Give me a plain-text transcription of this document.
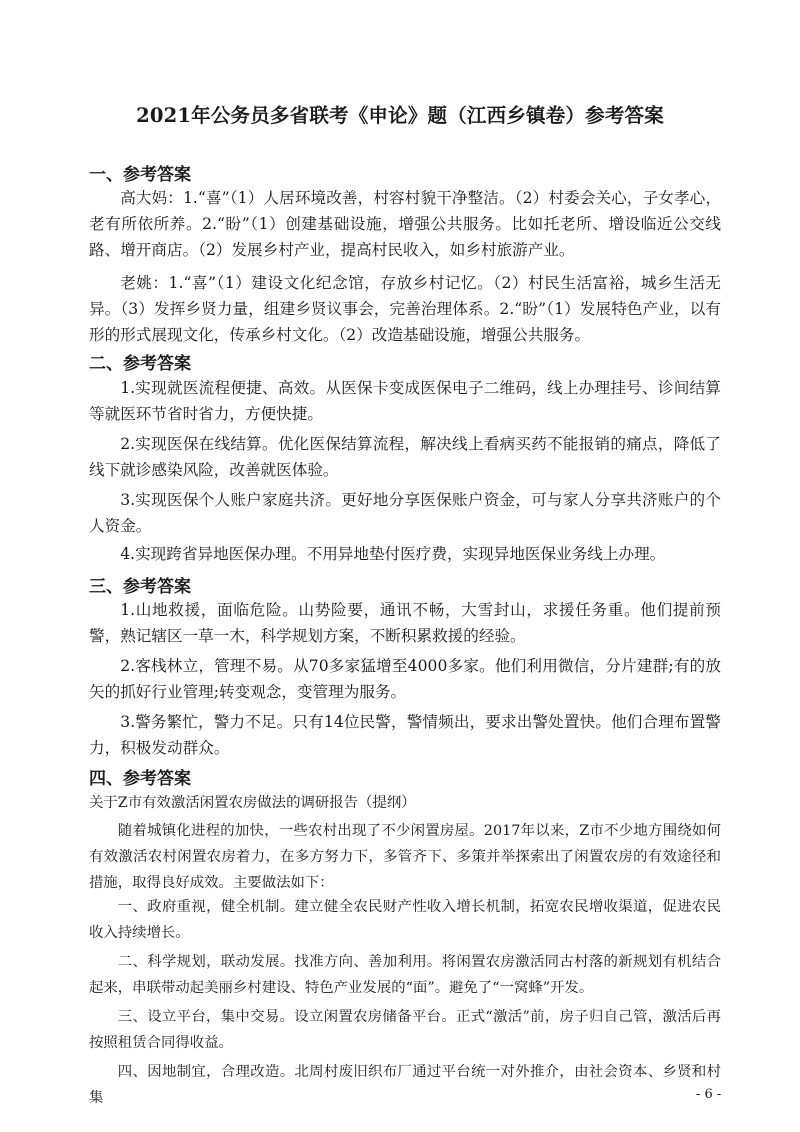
2021年公务员多省联考《申论》题（江西乡镇卷）参考答案
一、参考答案
高大妈：1.“喜”（1）人居环境改善，村容村貌干净整洁。（2）村委会关心，子女孝心，老有所依所养。2.“盼”（1）创建基础设施，增强公共服务。比如托老所、增设临近公交线路、增开商店。（2）发展乡村产业，提高村民收入，如乡村旅游产业。
老姚：1.“喜”（1）建设文化纪念馆，存放乡村记忆。（2）村民生活富裕，城乡生活无异。（3）发挥乡贤力量，组建乡贤议事会，完善治理体系。2.“盼”（1）发展特色产业，以有形的形式展现文化，传承乡村文化。（2）改造基础设施，增强公共服务。
二、参考答案
1.实现就医流程便捷、高效。从医保卡变成医保电子二维码，线上办理挂号、诊间结算等就医环节省时省力，方便快捷。
2.实现医保在线结算。优化医保结算流程，解决线上看病买药不能报销的痛点，降低了线下就诊感染风险，改善就医体验。
3.实现医保个人账户家庭共济。更好地分享医保账户资金，可与家人分享共济账户的个人资金。
4.实现跨省异地医保办理。不用异地垫付医疗费，实现异地医保业务线上办理。
三、参考答案
1.山地救援，面临危险。山势险要，通讯不畅，大雪封山，求援任务重。他们提前预警，熟记辖区一草一木，科学规划方案，不断积累救援的经验。
2.客栈林立，管理不易。从70多家猛增至4000多家。他们利用微信，分片建群;有的放矢的抓好行业管理;转变观念，变管理为服务。
3.警务繁忙，警力不足。只有14位民警，警情频出，要求出警处置快。他们合理布置警力，积极发动群众。
四、参考答案
关于Z市有效激活闲置农房做法的调研报告（提纲）
随着城镇化进程的加快，一些农村出现了不少闲置房屋。2017年以来，Z市不少地方围绕如何有效激活农村闲置农房着力，在多方努力下，多管齐下、多策并举探索出了闲置农房的有效途径和措施，取得良好成效。主要做法如下：
一、政府重视，健全机制。建立健全农民财产性收入增长机制，拓宽农民增收渠道，促进农民收入持续增长。
二、科学规划，联动发展。找准方向、善加利用。将闲置农房激活同古村落的新规划有机结合起来，串联带动起美丽乡村建设、特色产业发展的“面”。避免了“一窝蜂”开发。
三、设立平台，集中交易。设立闲置农房储备平台。正式“激活”前，房子归自己管，激活后再按照租赁合同得收益。
四、因地制宜，合理改造。北周村废旧织布厂通过平台统一对外推介，由社会资本、乡贤和村集	- 6 -
